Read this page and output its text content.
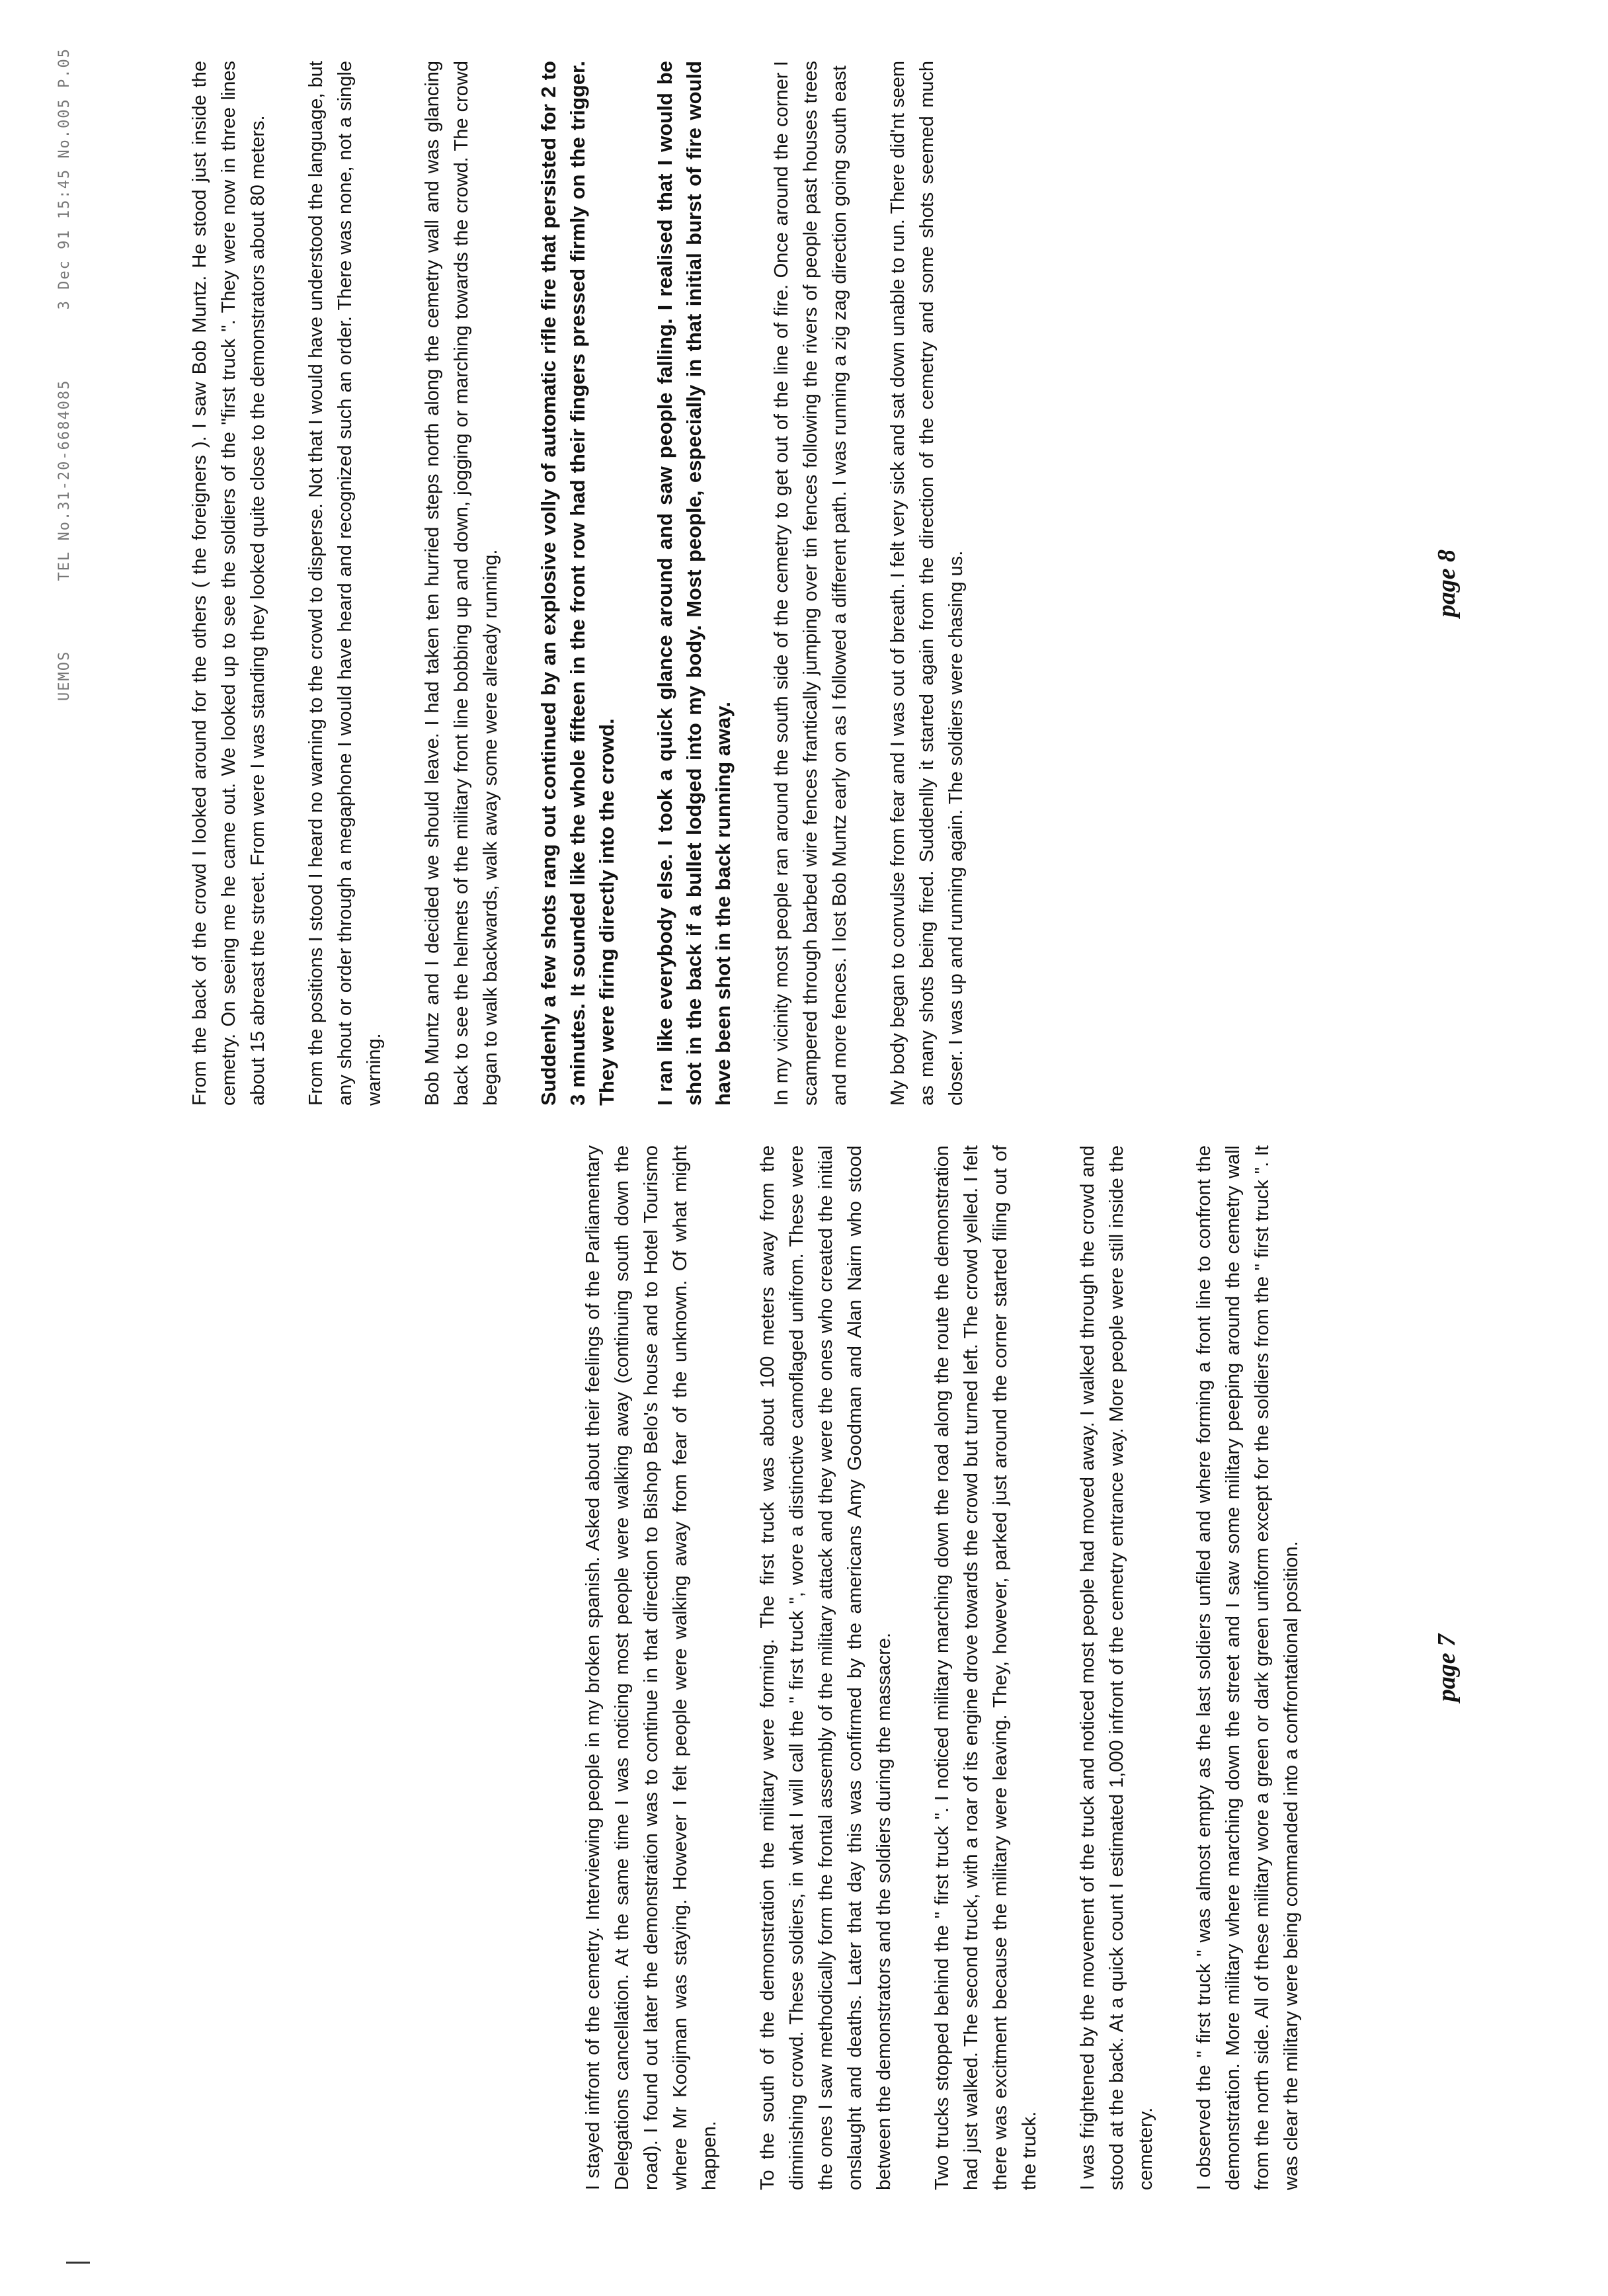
UEMOS TEL No.31-20-6684085 3 Dec 91 15:45 No.005 P.05

I stayed infront of the cemetry. Interviewing people in my broken spanish. Asked about their feelings of the Parliamentary Delegations cancellation. At the same time I was noticing most people were walking away (continuing south down the road). I found out later the demonstration was to continue in that direction to Bishop Belo's house and to Hotel Tourismo where Mr Kooijman was staying. However I felt people were walking away from fear of the unknown. Of what might happen. To the south of the demonstration the military were forming. The first truck was about 100 meters away from the diminishing crowd. These soldiers, in what I will call the " first truck ", wore a distinctive camoflaged unifrom. These were the ones I saw methodically form the frontal assembly of the military attack and they were the ones who created the initial onslaught and deaths. Later that day this was confirmed by the americans Amy Goodman and Alan Nairn who stood between the demonstrators and the soldiers during the massacre. Two trucks stopped behind the " first truck ". I noticed military marching down the road along the route the demonstration had just walked. The second truck, with a roar of its engine drove towards the crowd but turned left. The crowd yelled. I felt there was excitment because the military were leaving. They, however, parked just around the corner started filing out of the truck. I was frightened by the movement of the truck and noticed most people had moved away. I walked through the crowd and stood at the back. At a quick count I estimated 1,000 infront of the cemetry entrance way. More people were still inside the cemetery. I observed the " first truck " was almost empty as the last soldiers unfiled and where forming a front line to confront the demonstration. More military where marching down the street and I saw some military peeping around the cemetry wall from the north side. All of these military wore a green or dark green uniform except for the soldiers from the " first truck ". It was clear the military were being commanded into a confrontational position.	page 7

From the back of the crowd I looked around for the others ( the foreigners ). I saw Bob Muntz. He stood just inside the cemetry. On seeing me he came out. We looked up to see the soldiers of the "first truck ". They were now in three lines about 15 abreast the street. From were I was standing they looked quite close to the demonstrators about 80 meters. From the positions I stood I heard no warning to the crowd to disperse. Not that I would have understood the language, but any shout or order through a megaphone I would have heard and recognized such an order. There was none, not a single warning. Bob Muntz and I decided we should leave. I had taken ten hurried steps north along the cemetry wall and was glancing back to see the helmets of the military front line bobbing up and down, jogging or marching towards the crowd. The crowd began to walk backwards, walk away some were already running. Suddenly a few shots rang out continued by an explosive volly of automatic rifle fire that persisted for 2 to 3 minutes. It sounded like the whole fifteen in the front row had their fingers pressed firmly on the trigger. They were firing directly into the crowd. I ran like everybody else. I took a quick glance around and saw people falling. I realised that I would be shot in the back if a bullet lodged into my body. Most people, especially in that initial burst of fire would have been shot in the back running away. In my vicinity most people ran around the south side of the cemetry to get out of the line of fire. Once around the corner I scampered through barbed wire fences frantically jumping over tin fences following the rivers of people past houses trees and more fences. I lost Bob Muntz early on as I followed a different path. I was running a zig zag direction going south east My body began to convulse from fear and I was out of breath. I felt very sick and sat down unable to run. There did'nt seem as many shots being fired. Suddenlly it started again from the direction of the cemetry and some shots seemed much closer. I was up and running again. The soldiers were chasing us.	page 8
